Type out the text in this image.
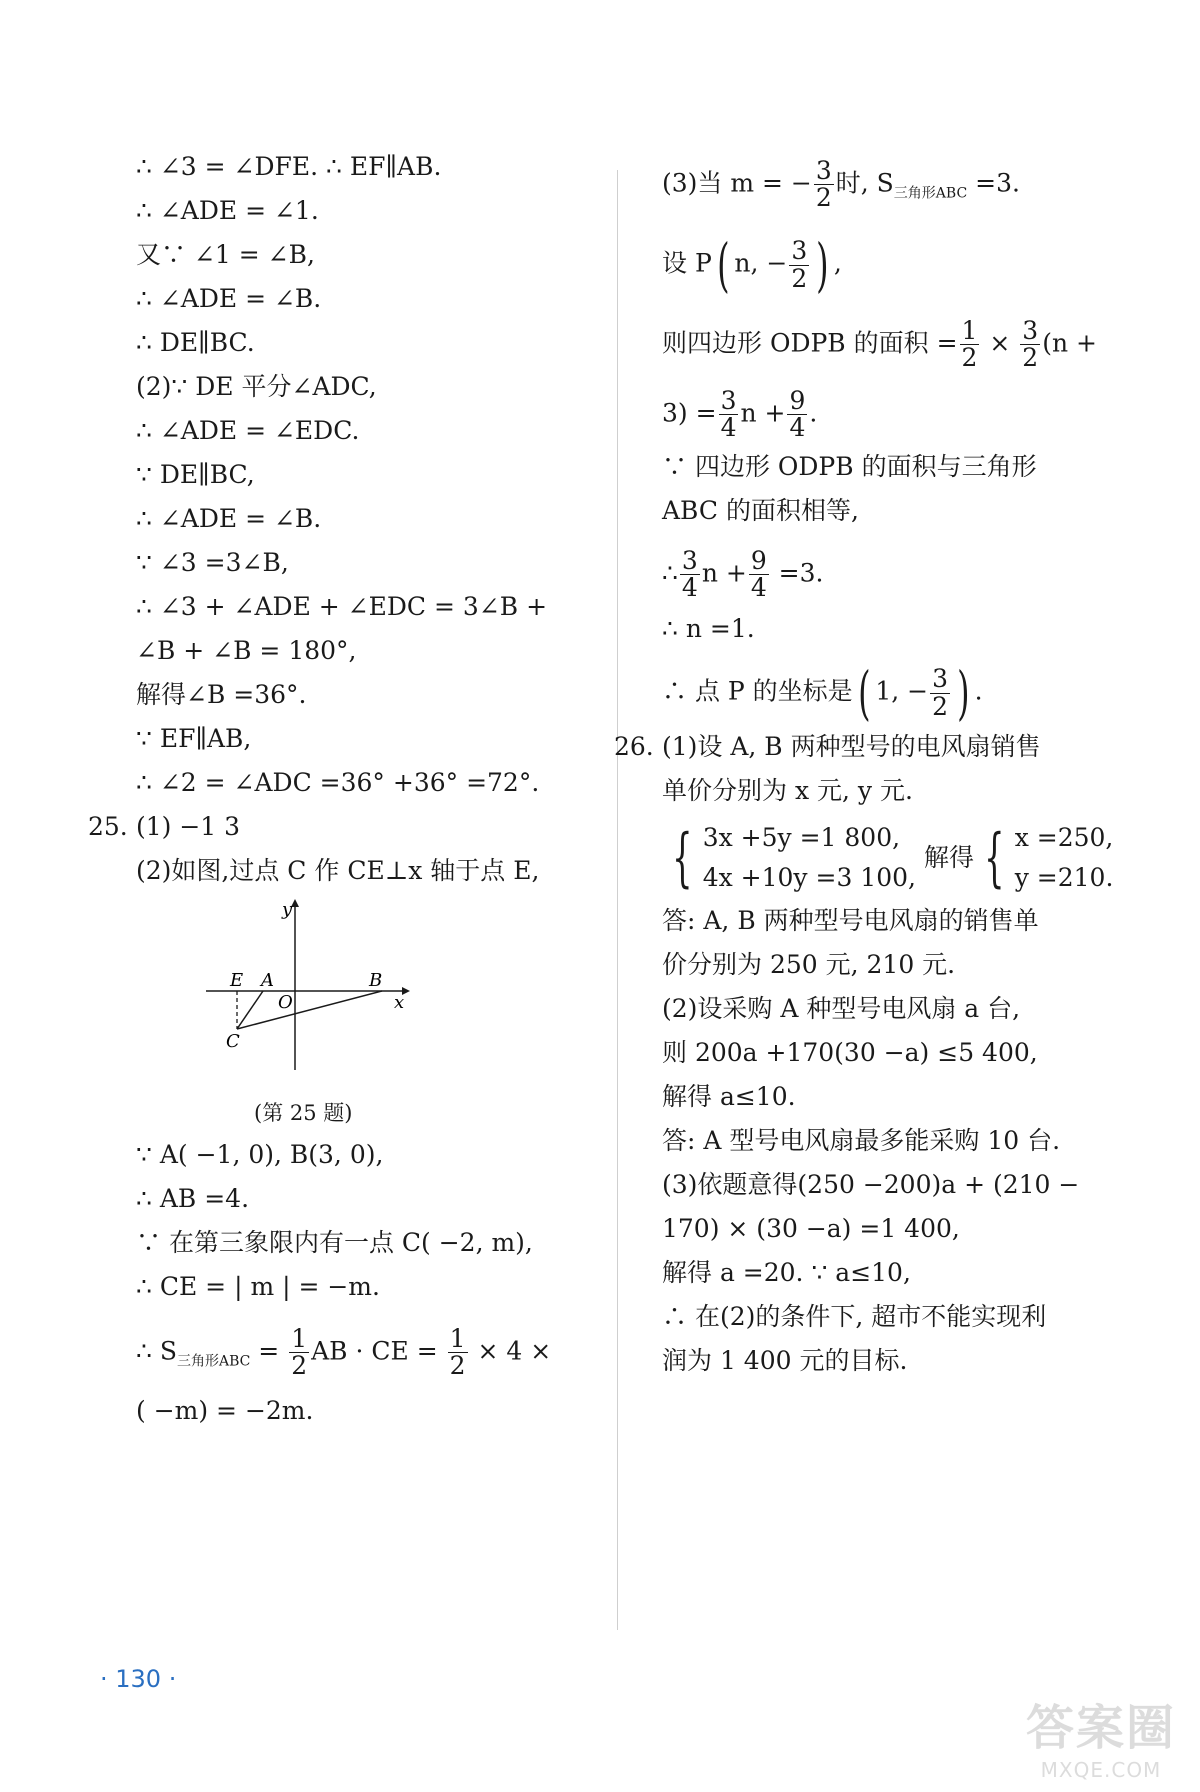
∴ ∠3 = ∠DFE. ∴ EF∥AB.
∴ ∠ADE = ∠1.
又∵ ∠1 = ∠B,
∴ ∠ADE = ∠B.
∴ DE∥BC.
(2)∵ DE 平分∠ADC,
∴ ∠ADE = ∠EDC.
∵ DE∥BC,
∴ ∠ADE = ∠B.
∵ ∠3 =3∠B,
∴ ∠3 + ∠ADE + ∠EDC = 3∠B +
∠B + ∠B = 180°,
解得∠B =36°.
∵ EF∥AB,
∴ ∠2 = ∠ADC =36° +36° =72°.
25. (1) −1 3
(2)如图,过点 C 作 CE⊥x 轴于点 E,
y
x
E A
O
B
C
(第 25 题)
∵ A( −1, 0), B(3, 0),
∴ AB =4.
∵ 在第三象限内有一点 C( −2, m),
∴ CE = | m | = −m.
∴ $S_{三角形ABC} = \frac{1}{2}$ AB · CE = $\frac{1}{2} \times 4$ ×
( −m) = −2m.
(3)当 m = − $\frac{3}{2}$ 时, $S_{三角形ABC} =3$.
设 P( n, − $\frac{3}{2}$ ) ,
则四边形 ODPB 的面积 = $\frac{1}{2} \times \frac{3}{2} (n$ +
$3) = \frac{3}{4}$ $n + \frac{9}{4}$ .
∵ 四边形 ODPB 的面积与三角形
ABC 的面积相等,
∴ $\frac{3}{4}$ $n + \frac{9}{4} =3$.
∴ n =1.
∴ 点 P 的坐标是( 1, − $\frac{3}{2}$ ) .
26. (1)设 A, B 两种型号的电风扇销售
单价分别为 x 元, y 元.
{ 3x +5y =1 800,
4x +10y =3 100,
解得 { x =250,
y =210.
答: A, B 两种型号电风扇的销售单
价分别为 250 元, 210 元.
(2)设采购 A 种型号电风扇 a 台,
则 200a +170(30 −a) ≤5 400,
解得 a≤10.
答: A 型号电风扇最多能采购 10 台.
(3)依题意得(250 −200)a + (210 −
170) × (30 −a) =1 400,
解得 a =20. ∵ a≤10,
∴ 在(2)的条件下, 超市不能实现利
润为 1 400 元的目标.
· 130 ·
答案圈
MXQE.COM
